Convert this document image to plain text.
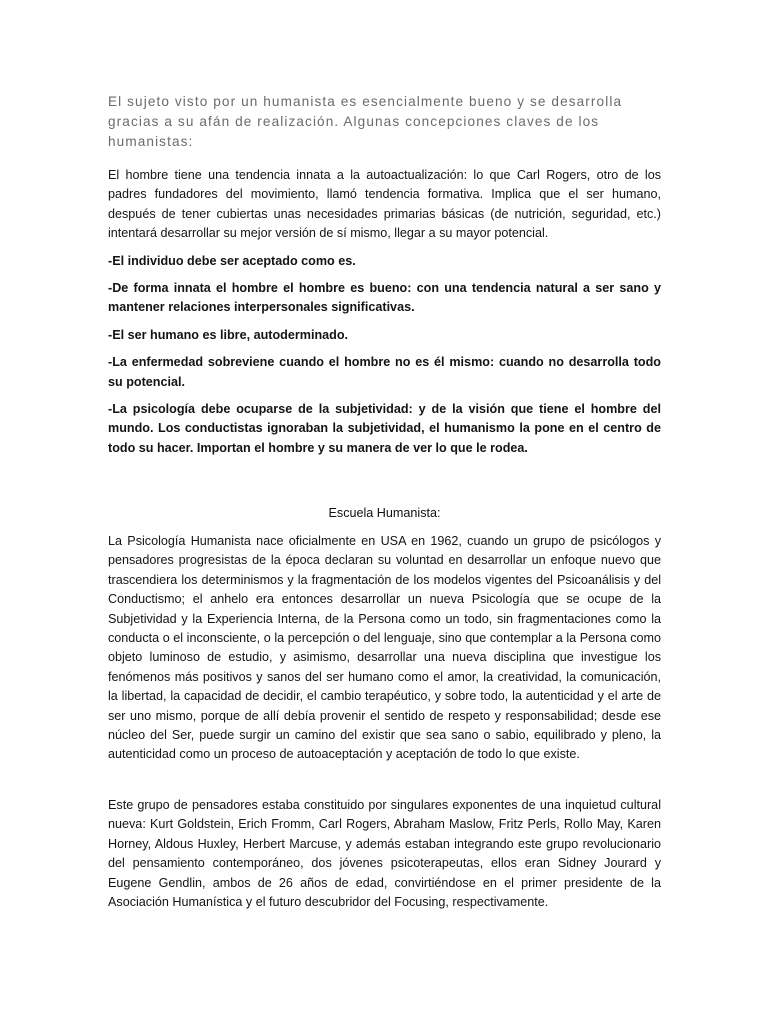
El sujeto visto por un humanista es esencialmente bueno y se desarrolla gracias a su afán de realización. Algunas concepciones claves de los humanistas:

El hombre tiene una tendencia innata a la autoactualización: lo que Carl Rogers, otro de los padres fundadores del movimiento, llamó tendencia formativa. Implica que el ser humano, después de tener cubiertas unas necesidades primarias básicas (de nutrición, seguridad, etc.) intentará desarrollar su mejor versión de sí mismo, llegar a su mayor potencial.

-El individuo debe ser aceptado como es.

-De forma innata el hombre el hombre es bueno: con una tendencia natural a ser sano y mantener relaciones interpersonales significativas.

-El ser humano es libre, autoderminado.

-La enfermedad sobreviene cuando el hombre no es él mismo: cuando no desarrolla todo su potencial.

-La psicología debe ocuparse de la subjetividad: y de la visión que tiene el hombre del mundo. Los conductistas ignoraban la subjetividad, el humanismo la pone en el centro de todo su hacer. Importan el hombre y su manera de ver lo que le rodea.

Escuela Humanista:

La Psicología Humanista nace oficialmente en USA en 1962, cuando un grupo de psicólogos y pensadores progresistas de la época declaran su voluntad en desarrollar un enfoque nuevo que trascendiera los determinismos y la fragmentación de los modelos vigentes del Psicoanálisis y del Conductismo; el anhelo era entonces desarrollar un nueva Psicología que se ocupe de la Subjetividad y la Experiencia Interna, de la Persona como un todo, sin fragmentaciones como la conducta o el inconsciente, o la percepción o del lenguaje, sino que contemplar a la Persona como objeto luminoso de estudio, y asimismo, desarrollar una nueva disciplina que investigue los fenómenos más positivos y sanos del ser humano como el amor, la creatividad, la comunicación, la libertad, la capacidad de decidir, el cambio terapéutico, y sobre todo, la autenticidad y el arte de ser uno mismo, porque de allí debía provenir el sentido de respeto y responsabilidad; desde ese núcleo del Ser, puede surgir un camino del existir que sea sano o sabio, equilibrado y pleno, la autenticidad como un proceso de autoaceptación y aceptación de todo lo que existe.

Este grupo de pensadores estaba constituido por singulares exponentes de una inquietud cultural nueva: Kurt Goldstein, Erich Fromm, Carl Rogers, Abraham Maslow, Fritz Perls, Rollo May, Karen Horney, Aldous Huxley, Herbert Marcuse, y además estaban integrando este grupo revolucionario del pensamiento contemporáneo, dos jóvenes psicoterapeutas, ellos eran Sidney Jourard y Eugene Gendlin, ambos de 26 años de edad, convirtiéndose en el primer presidente de la Asociación Humanística y el futuro descubridor del Focusing, respectivamente.
